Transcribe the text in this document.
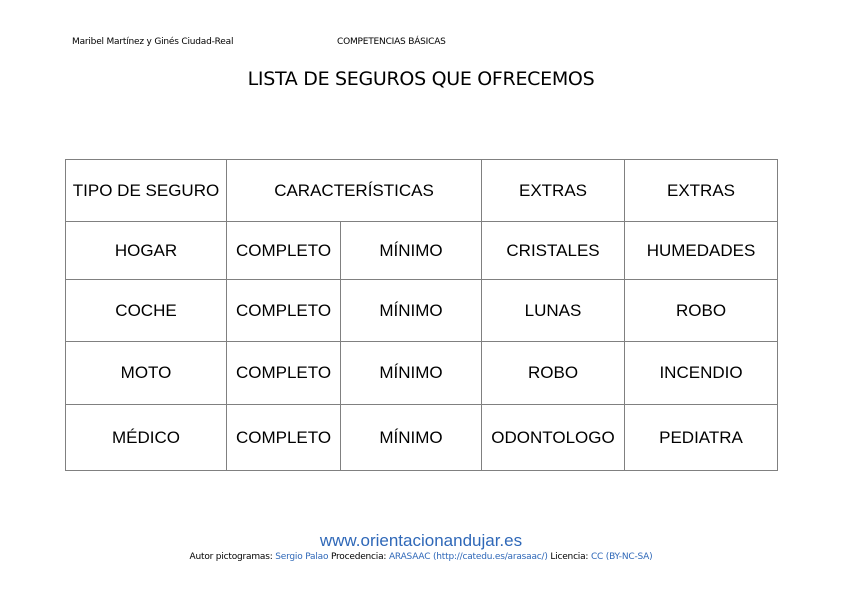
Maribel Martínez y Ginés Ciudad-Real	COMPETENCIAS BÁSICAS
LISTA DE SEGUROS QUE OFRECEMOS
TIPO DE SEGURO	CARACTERÍSTICAS		EXTRAS	EXTRAS
HOGAR	COMPLETO	MÍNIMO	CRISTALES	HUMEDADES
COCHE	COMPLETO	MÍNIMO	LUNAS	ROBO
MOTO	COMPLETO	MÍNIMO	ROBO	INCENDIO
MÉDICO	COMPLETO	MÍNIMO	ODONTOLOGO	PEDIATRA
www.orientacionandujar.es
Autor pictogramas: Sergio Palao Procedencia: ARASAAC (http://catedu.es/arasaac/) Licencia: CC (BY-NC-SA)
